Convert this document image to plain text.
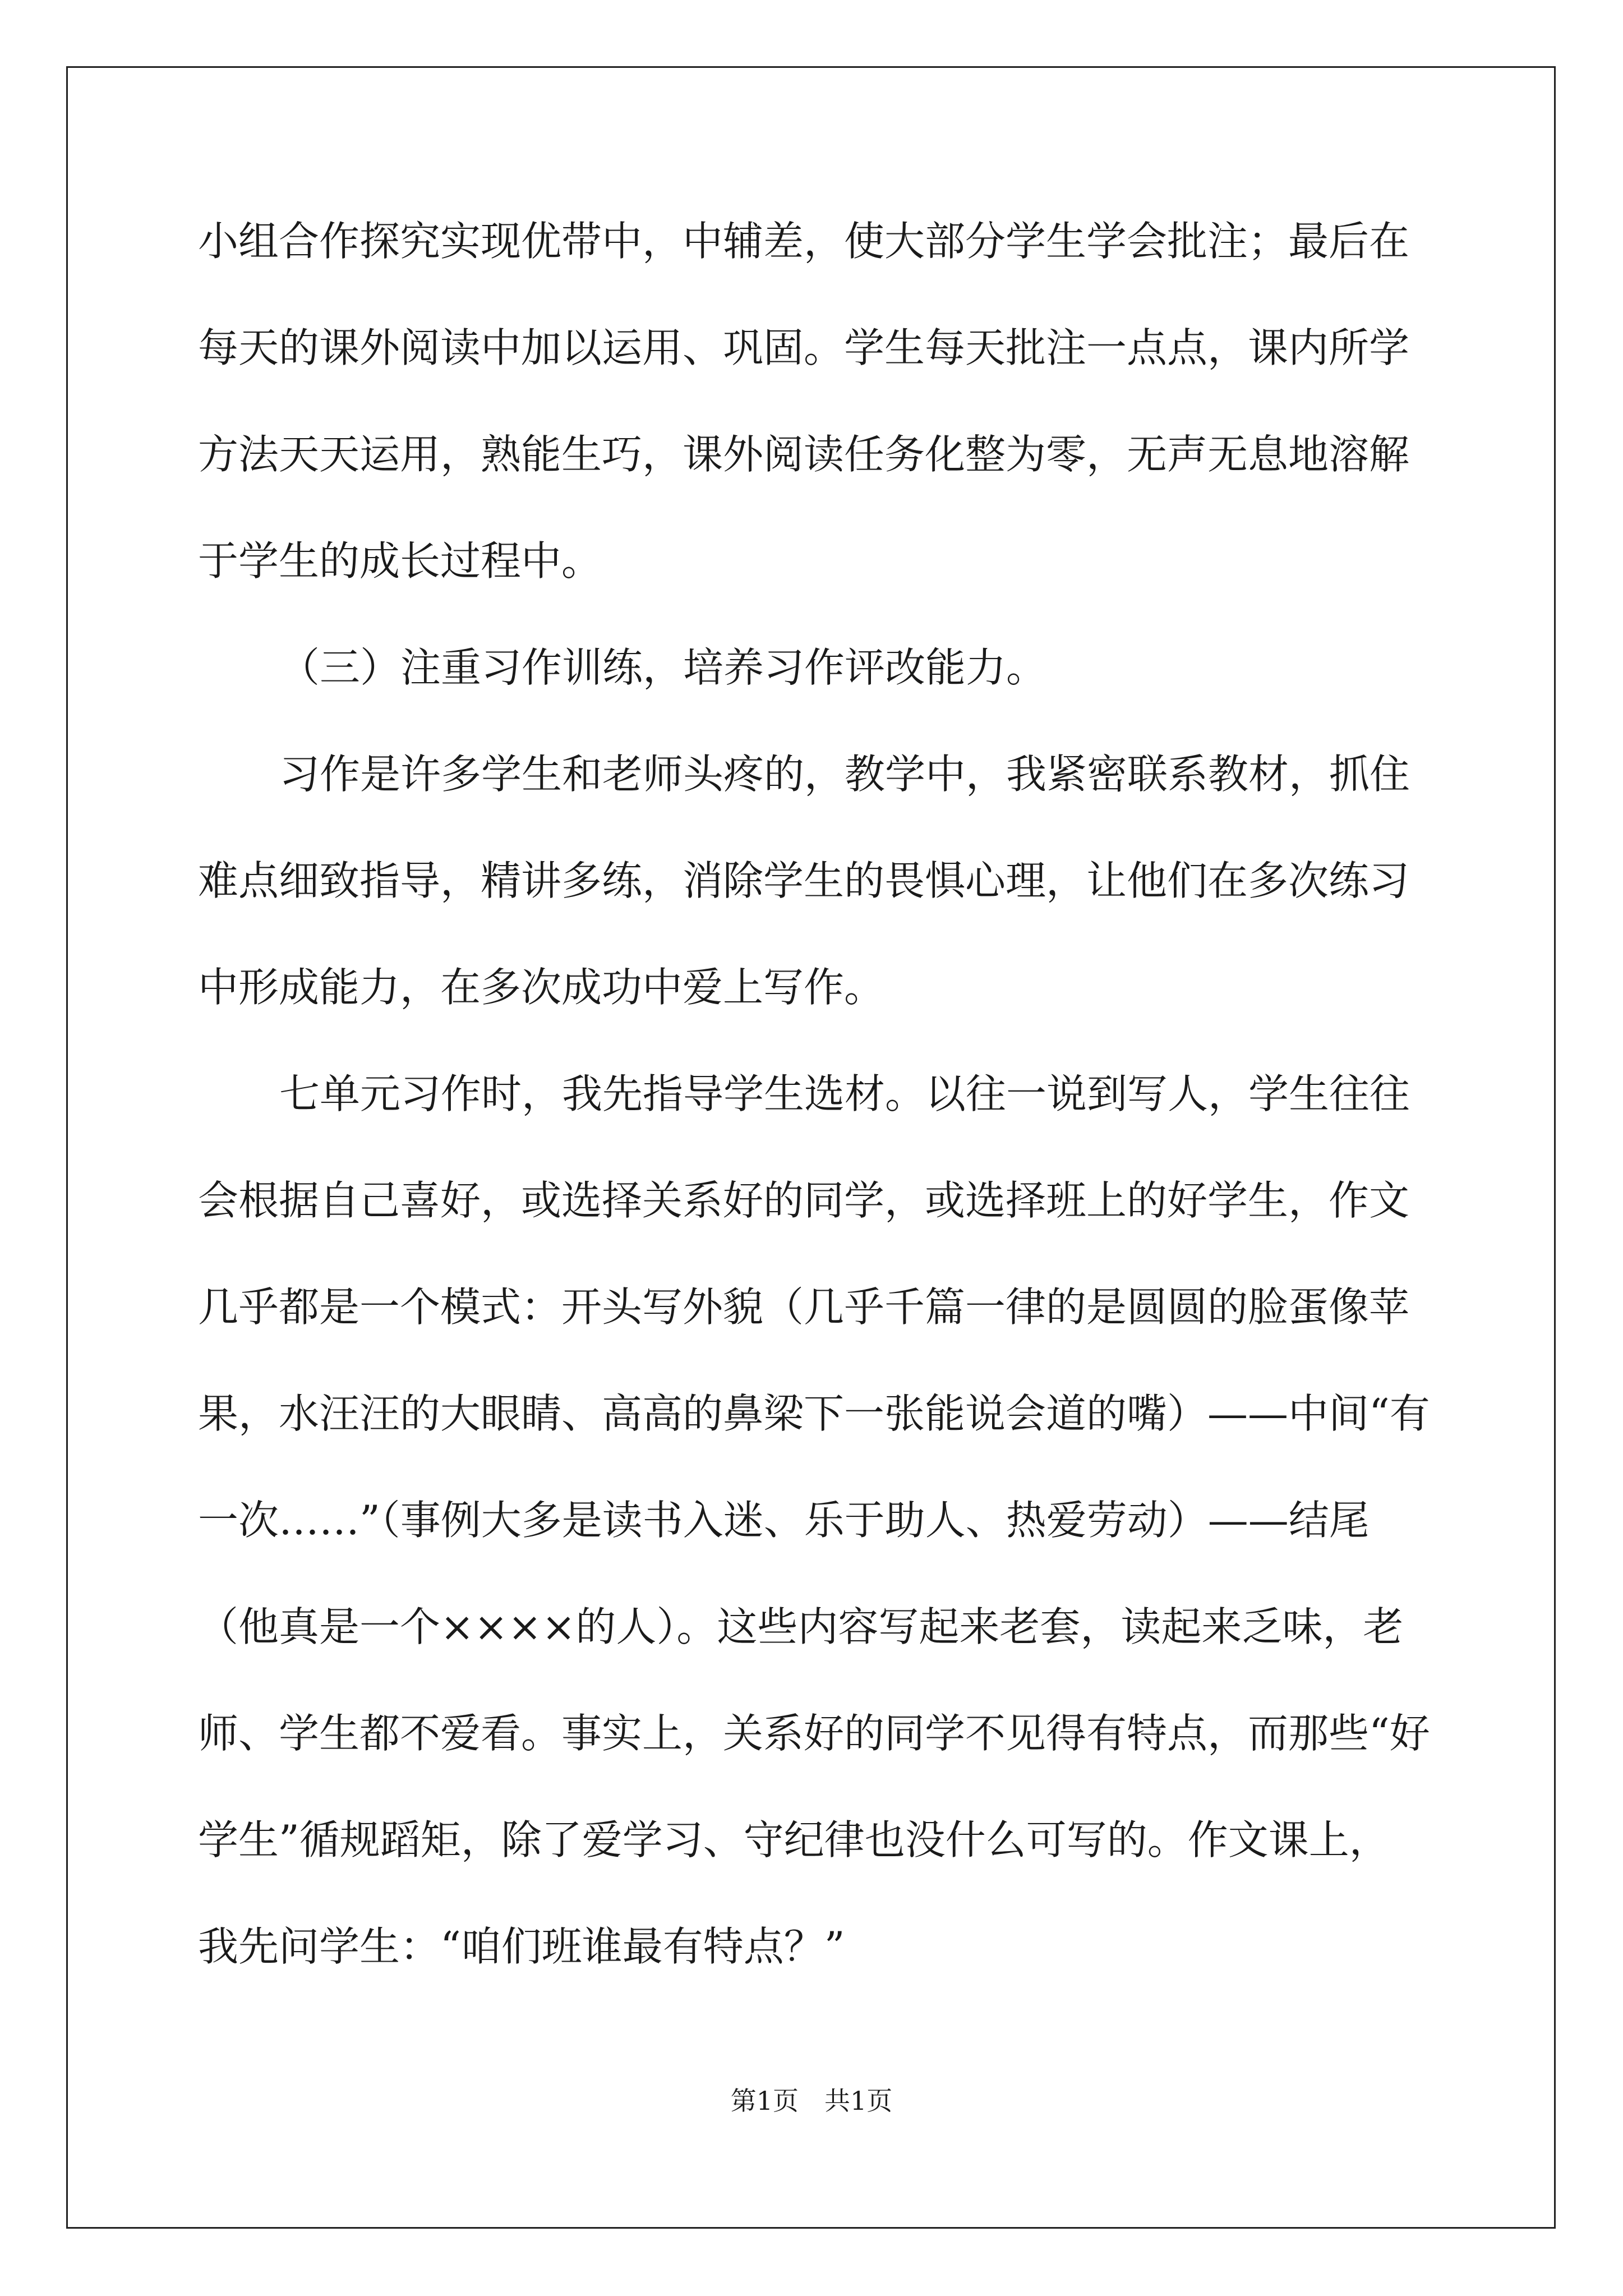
小组合作探究实现优带中，中辅差，使大部分学生学会批注；最后在
每天的课外阅读中加以运用、巩固。学生每天批注一点点，课内所学
方法天天运用，熟能生巧，课外阅读任务化整为零，无声无息地溶解
于学生的成长过程中。
（三）注重习作训练，培养习作评改能力。
习作是许多学生和老师头疼的，教学中，我紧密联系教材，抓住
难点细致指导，精讲多练，消除学生的畏惧心理，让他们在多次练习
中形成能力，在多次成功中爱上写作。
七单元习作时，我先指导学生选材。以往一说到写人，学生往往
会根据自己喜好，或选择关系好的同学，或选择班上的好学生，作文
几乎都是一个模式：开头写外貌（几乎千篇一律的是圆圆的脸蛋像苹
果，水汪汪的大眼睛、高高的鼻梁下一张能说会道的嘴）——中间“有
一次……”（事例大多是读书入迷、乐于助人、热爱劳动）——结尾
（他真是一个××××的人）。这些内容写起来老套，读起来乏味，老
师、学生都不爱看。事实上，关系好的同学不见得有特点，而那些“好
学生”循规蹈矩，除了爱学习、守纪律也没什么可写的。作文课上，
我先问学生：“咱们班谁最有特点？”
第1页　共1页
